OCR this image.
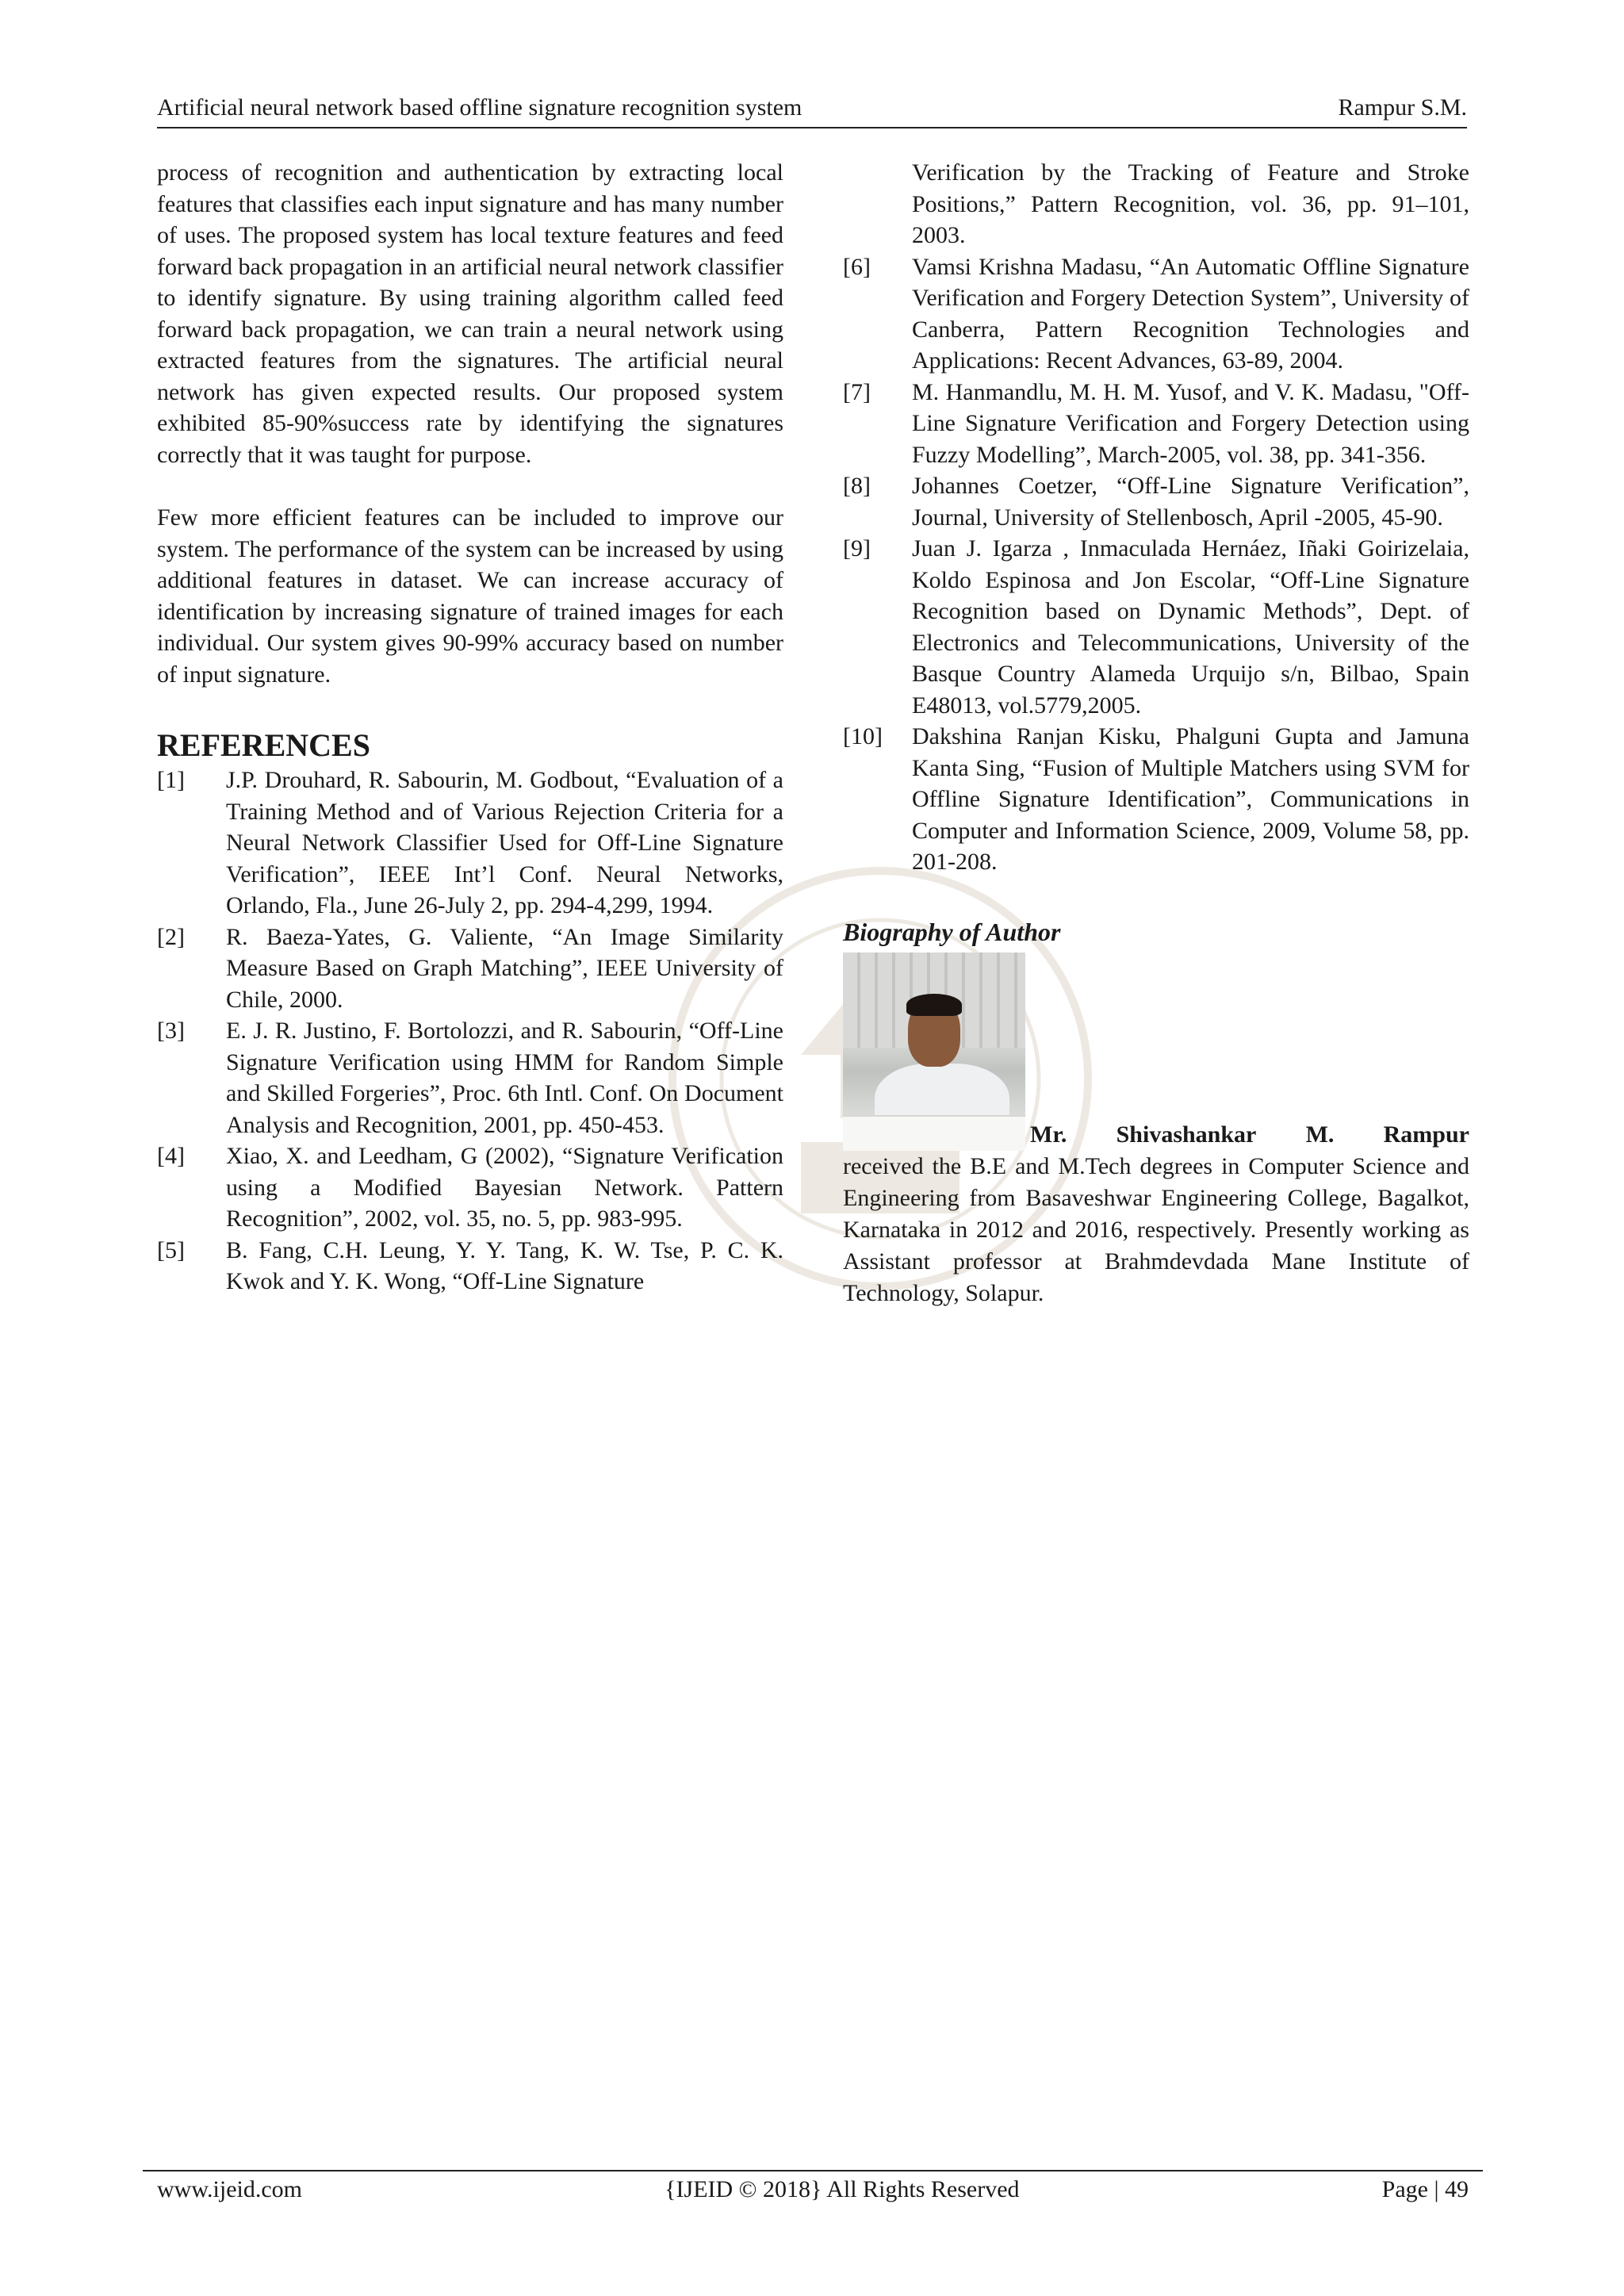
Artificial neural network based offline signature recognition system	Rampur S.M.

process of recognition and authentication by extracting local features that classifies each input signature and has many number of uses. The proposed system has local texture features and feed forward back propagation in an artificial neural network classifier to identify signature. By using training algorithm called feed forward back propagation, we can train a neural network using extracted features from the signatures. The artificial neural network has given expected results. Our proposed system exhibited 85-90%success rate by identifying the signatures correctly that it was taught for purpose.

Few more efficient features can be included to improve our system. The performance of the system can be increased by using additional features in dataset. We can increase accuracy of identification by increasing signature of trained images for each individual. Our system gives 90-99% accuracy based on number of input signature.

REFERENCES
[1]	J.P. Drouhard, R. Sabourin, M. Godbout, “Evaluation of a Training Method and of Various Rejection Criteria for a Neural Network Classifier Used for Off-Line Signature Verification”, IEEE Int’l Conf. Neural Networks, Orlando, Fla., June 26-July 2, pp. 294-4,299, 1994.
[2]	R. Baeza-Yates, G. Valiente, “An Image Similarity Measure Based on Graph Matching”, IEEE University of Chile, 2000.
[3]	E. J. R. Justino, F. Bortolozzi, and R. Sabourin, “Off-Line Signature Verification using HMM for Random Simple and Skilled Forgeries”, Proc. 6th Intl. Conf. On Document Analysis and Recognition, 2001, pp. 450-453.
[4]	Xiao, X. and Leedham, G (2002), “Signature Verification using a Modified Bayesian Network. Pattern Recognition”, 2002, vol. 35, no. 5, pp. 983-995.
[5]	B. Fang, C.H. Leung, Y. Y. Tang, K. W. Tse, P. C. K. Kwok and Y. K. Wong, “Off-Line Signature
Verification by the Tracking of Feature and Stroke Positions,” Pattern Recognition, vol. 36, pp. 91–101, 2003.
[6]	Vamsi Krishna Madasu, “An Automatic Offline Signature Verification and Forgery Detection System”, University of Canberra, Pattern Recognition Technologies and Applications: Recent Advances, 63-89, 2004.
[7]	M. Hanmandlu, M. H. M. Yusof, and V. K. Madasu, "Off-Line Signature Verification and Forgery Detection using Fuzzy Modelling”, March-2005, vol. 38, pp. 341-356.
[8]	Johannes Coetzer, “Off-Line Signature Verification”, Journal, University of Stellenbosch, April -2005, 45-90.
[9]	Juan J. Igarza , Inmaculada Hernáez, Iñaki Goirizelaia, Koldo Espinosa and Jon Escolar, “Off-Line Signature Recognition based on Dynamic Methods”, Dept. of Electronics and Telecommunications, University of the Basque Country Alameda Urquijo s/n, Bilbao, Spain E48013, vol.5779,2005.
[10]	Dakshina Ranjan Kisku, Phalguni Gupta and Jamuna Kanta Sing, “Fusion of Multiple Matchers using SVM for Offline Signature Identification”, Communications in Computer and Information Science, 2009, Volume 58, pp. 201-208.
Biography of Author
Mr. Shivashankar M. Rampur
received the B.E and M.Tech degrees in Computer Science and Engineering from Basaveshwar Engineering College, Bagalkot, Karnataka in 2012 and 2016, respectively. Presently working as Assistant professor at Brahmdevdada Mane Institute of Technology, Solapur.
www.ijeid.com	{IJEID © 2018} All Rights Reserved	Page | 49
